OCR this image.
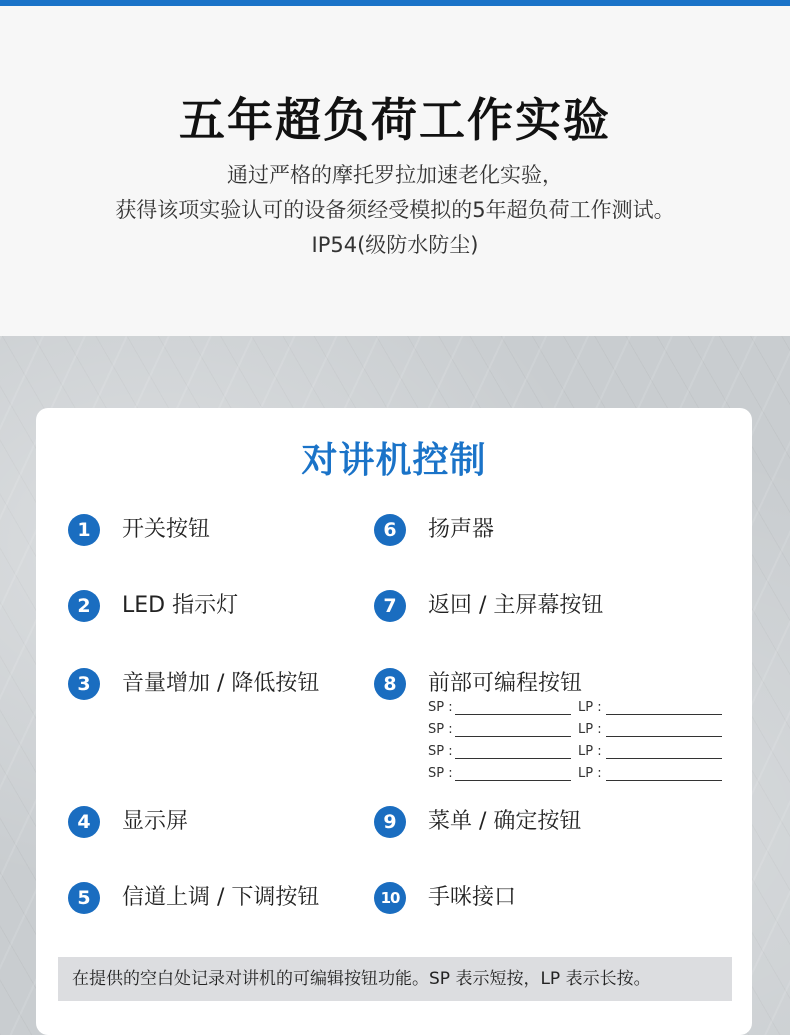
五年超负荷工作实验
通过严格的摩托罗拉加速老化实验，
获得该项实验认可的设备须经受模拟的5年超负荷工作测试。
IP54(级防水防尘)
对讲机控制
1	开关按钮
2	LED 指示灯
3	音量增加 / 降低按钮
4	显示屏
5	信道上调 / 下调按钮
6	扬声器
7	返回 / 主屏幕按钮
8	前部可编程按钮
9	菜单 / 确定按钮
10 手咪接口
SP :	LP :
SP :	LP :
SP :	LP :
SP :	LP :
在提供的空白处记录对讲机的可编辑按钮功能。SP 表示短按，LP 表示长按。
